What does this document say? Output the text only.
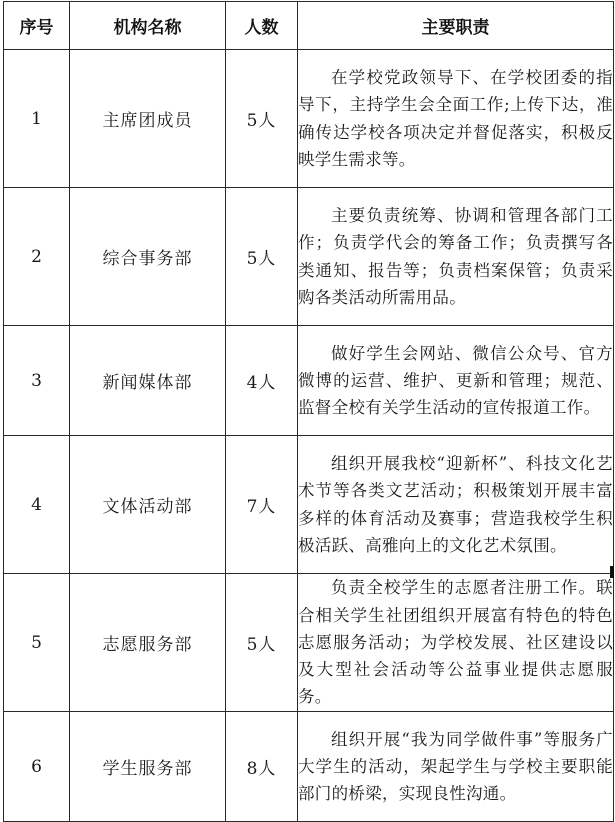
序号	机构名称	人数	主要职责
1	主席团成员	5人	在学校党政领导下、在学校团委的指导下，主持学生会全面工作;上传下达，准确传达学校各项决定并督促落实，积极反映学生需求等。
2	综合事务部	5人	主要负责统筹、协调和管理各部门工作；负责学代会的筹备工作；负责撰写各类通知、报告等；负责档案保管；负责采购各类活动所需用品。
3	新闻媒体部	4人	做好学生会网站、微信公众号、官方微博的运营、维护、更新和管理；规范、监督全校有关学生活动的宣传报道工作。
4	文体活动部	7人	组织开展我校“迎新杯”、科技文化艺术节等各类文艺活动；积极策划开展丰富多样的体育活动及赛事；营造我校学生积极活跃、高雅向上的文化艺术氛围。
5	志愿服务部	5人	负责全校学生的志愿者注册工作。联合相关学生社团组织开展富有特色的特色志愿服务活动；为学校发展、社区建设以及大型社会活动等公益事业提供志愿服务。
6	学生服务部	8人	组织开展“我为同学做件事”等服务广大学生的活动，架起学生与学校主要职能部门的桥梁，实现良性沟通。
